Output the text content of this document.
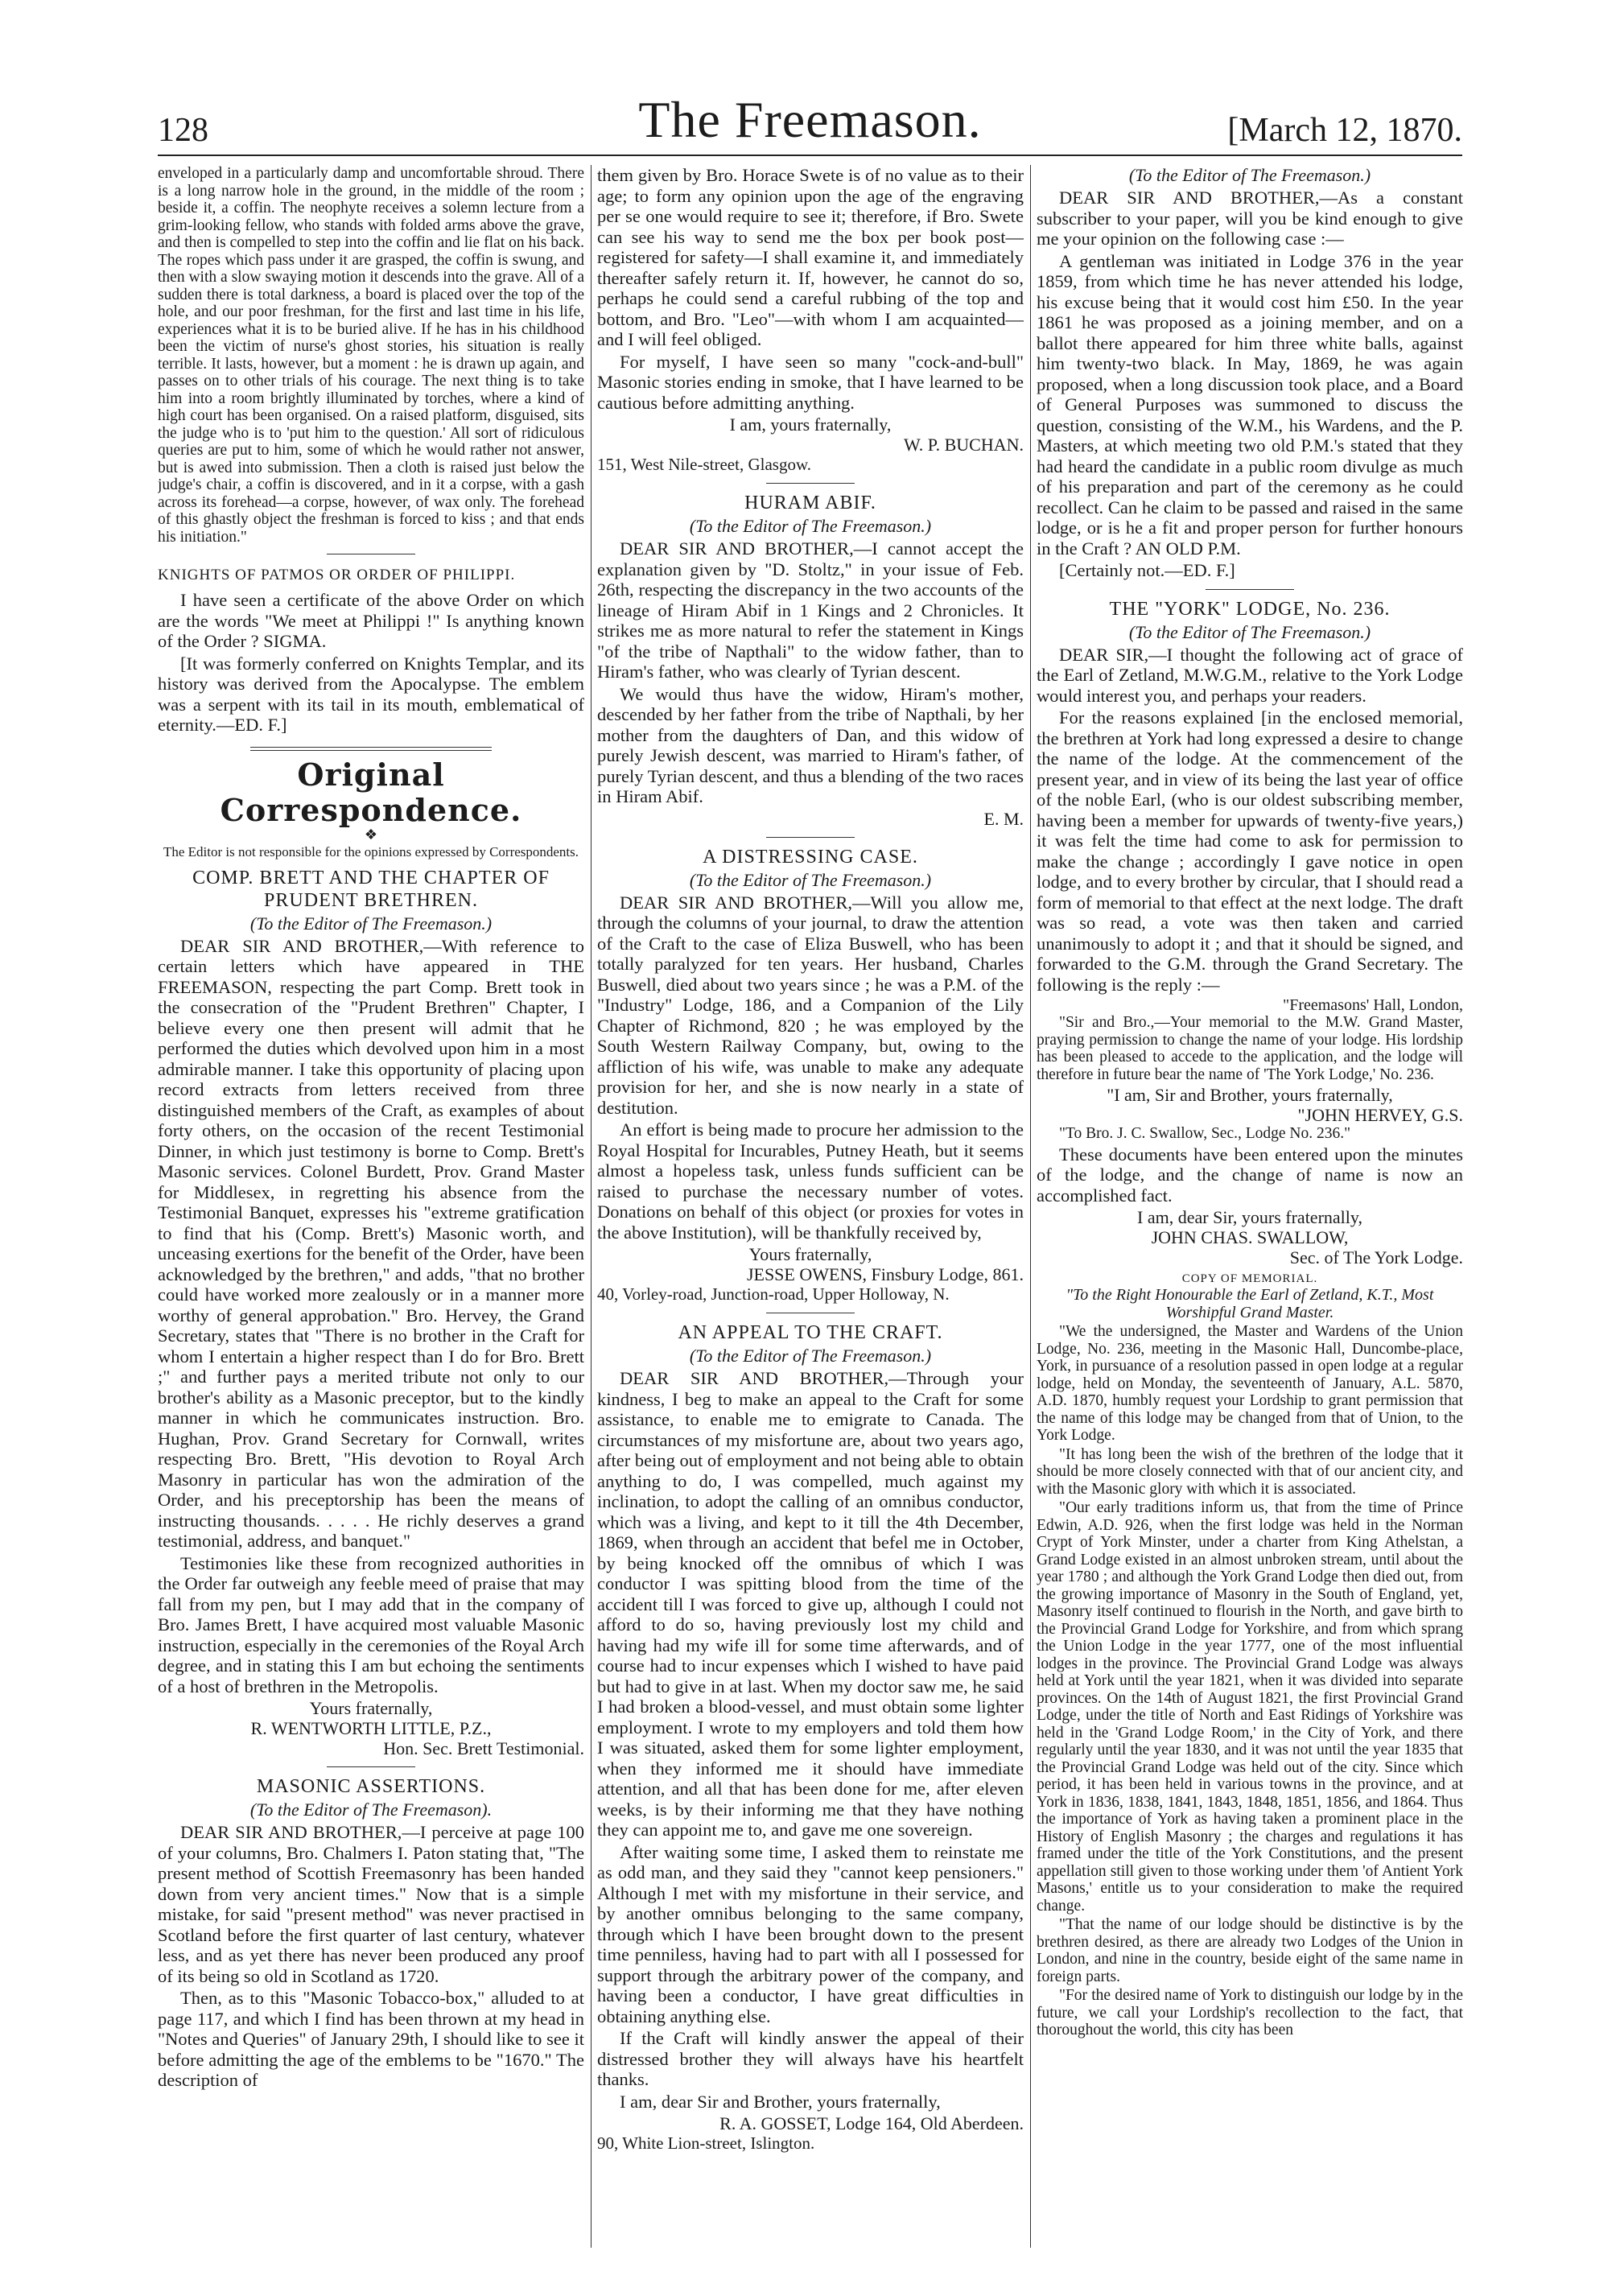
128	The Freemason.	[March 12, 1870.

enveloped in a particularly damp and uncomfortable shroud. There is a long narrow hole in the ground, in the middle of the room ; beside it, a coffin. The neophyte receives a solemn lecture from a grim-looking fellow, who stands with folded arms above the grave, and then is compelled to step into the coffin and lie flat on his back. The ropes which pass under it are grasped, the coffin is swung, and then with a slow swaying motion it descends into the grave. All of a sudden there is total darkness, a board is placed over the top of the hole, and our poor freshman, for the first and last time in his life, experiences what it is to be buried alive. If he has in his childhood been the victim of nurse's ghost stories, his situation is really terrible. It lasts, however, but a moment : he is drawn up again, and passes on to other trials of his courage. The next thing is to take him into a room brightly illuminated by torches, where a kind of high court has been organised. On a raised platform, disguised, sits the judge who is to 'put him to the question.' All sort of ridiculous queries are put to him, some of which he would rather not answer, but is awed into submission. Then a cloth is raised just below the judge's chair, a coffin is discovered, and in it a corpse, with a gash across its forehead—a corpse, however, of wax only. The forehead of this ghastly object the freshman is forced to kiss ; and that ends his initiation."

KNIGHTS OF PATMOS OR ORDER OF PHILIPPI.

I have seen a certificate of the above Order on which are the words "We meet at Philippi !" Is anything known of the Order ? SIGMA.

[It was formerly conferred on Knights Templar, and its history was derived from the Apocalypse. The emblem was a serpent with its tail in its mouth, emblematical of eternity.—ED. F.]

Original Correspondence.
❖
The Editor is not responsible for the opinions expressed by Correspondents.
COMP. BRETT AND THE CHAPTER OF PRUDENT BRETHREN.
(To the Editor of The Freemason.)

DEAR SIR AND BROTHER,—With reference to certain letters which have appeared in THE FREEMASON, respecting the part Comp. Brett took in the consecration of the "Prudent Brethren" Chapter, I believe every one then present will admit that he performed the duties which devolved upon him in a most admirable manner. I take this opportunity of placing upon record extracts from letters received from three distinguished members of the Craft, as examples of about forty others, on the occasion of the recent Testimonial Dinner, in which just testimony is borne to Comp. Brett's Masonic services. Colonel Burdett, Prov. Grand Master for Middlesex, in regretting his absence from the Testimonial Banquet, expresses his "extreme gratification to find that his (Comp. Brett's) Masonic worth, and unceasing exertions for the benefit of the Order, have been acknowledged by the brethren," and adds, "that no brother could have worked more zealously or in a manner more worthy of general approbation." Bro. Hervey, the Grand Secretary, states that "There is no brother in the Craft for whom I entertain a higher respect than I do for Bro. Brett ;" and further pays a merited tribute not only to our brother's ability as a Masonic preceptor, but to the kindly manner in which he communicates instruction. Bro. Hughan, Prov. Grand Secretary for Cornwall, writes respecting Bro. Brett, "His devotion to Royal Arch Masonry in particular has won the admiration of the Order, and his preceptorship has been the means of instructing thousands. . . . . He richly deserves a grand testimonial, address, and banquet."

Testimonies like these from recognized authorities in the Order far outweigh any feeble meed of praise that may fall from my pen, but I may add that in the company of Bro. James Brett, I have acquired most valuable Masonic instruction, especially in the ceremonies of the Royal Arch degree, and in stating this I am but echoing the sentiments of a host of brethren in the Metropolis.

Yours fraternally,

R. WENTWORTH LITTLE, P.Z.,

Hon. Sec. Brett Testimonial.

MASONIC ASSERTIONS.
(To the Editor of The Freemason).

DEAR SIR AND BROTHER,—I perceive at page 100 of your columns, Bro. Chalmers I. Paton stating that, "The present method of Scottish Freemasonry has been handed down from very ancient times." Now that is a simple mistake, for said "present method" was never practised in Scotland before the first quarter of last century, whatever less, and as yet there has never been produced any proof of its being so old in Scotland as 1720.

Then, as to this "Masonic Tobacco-box," alluded to at page 117, and which I find has been thrown at my head in "Notes and Queries" of January 29th, I should like to see it before admitting the age of the emblems to be "1670." The description of

them given by Bro. Horace Swete is of no value as to their age; to form any opinion upon the age of the engraving per se one would require to see it; therefore, if Bro. Swete can see his way to send me the box per book post—registered for safety—I shall examine it, and immediately thereafter safely return it. If, however, he cannot do so, perhaps he could send a careful rubbing of the top and bottom, and Bro. "Leo"—with whom I am acquainted—and I will feel obliged.

For myself, I have seen so many "cock-and-bull" Masonic stories ending in smoke, that I have learned to be cautious before admitting anything.

I am, yours fraternally,

W. P. BUCHAN.

151, West Nile-street, Glasgow.

HURAM ABIF.
(To the Editor of The Freemason.)

DEAR SIR AND BROTHER,—I cannot accept the explanation given by "D. Stoltz," in your issue of Feb. 26th, respecting the discrepancy in the two accounts of the lineage of Hiram Abif in 1 Kings and 2 Chronicles. It strikes me as more natural to refer the statement in Kings "of the tribe of Napthali" to the widow father, than to Hiram's father, who was clearly of Tyrian descent.

We would thus have the widow, Hiram's mother, descended by her father from the tribe of Napthali, by her mother from the daughters of Dan, and this widow of purely Jewish descent, was married to Hiram's father, of purely Tyrian descent, and thus a blending of the two races in Hiram Abif.

E. M.

A DISTRESSING CASE.
(To the Editor of The Freemason.)

DEAR SIR AND BROTHER,—Will you allow me, through the columns of your journal, to draw the attention of the Craft to the case of Eliza Buswell, who has been totally paralyzed for ten years. Her husband, Charles Buswell, died about two years since ; he was a P.M. of the "Industry" Lodge, 186, and a Companion of the Lily Chapter of Richmond, 820 ; he was employed by the South Western Railway Company, but, owing to the affliction of his wife, was unable to make any adequate provision for her, and she is now nearly in a state of destitution.

An effort is being made to procure her admission to the Royal Hospital for Incurables, Putney Heath, but it seems almost a hopeless task, unless funds sufficient can be raised to purchase the necessary number of votes. Donations on behalf of this object (or proxies for votes in the above Institution), will be thankfully received by,

Yours fraternally,

JESSE OWENS, Finsbury Lodge, 861.

40, Vorley-road, Junction-road, Upper Holloway, N.

AN APPEAL TO THE CRAFT.
(To the Editor of The Freemason.)

DEAR SIR AND BROTHER,—Through your kindness, I beg to make an appeal to the Craft for some assistance, to enable me to emigrate to Canada. The circumstances of my misfortune are, about two years ago, after being out of employment and not being able to obtain anything to do, I was compelled, much against my inclination, to adopt the calling of an omnibus conductor, which was a living, and kept to it till the 4th December, 1869, when through an accident that befel me in October, by being knocked off the omnibus of which I was conductor I was spitting blood from the time of the accident till I was forced to give up, although I could not afford to do so, having previously lost my child and having had my wife ill for some time afterwards, and of course had to incur expenses which I wished to have paid but had to give in at last. When my doctor saw me, he said I had broken a blood-vessel, and must obtain some lighter employment. I wrote to my employers and told them how I was situated, asked them for some lighter employment, when they informed me it should have immediate attention, and all that has been done for me, after eleven weeks, is by their informing me that they have nothing they can appoint me to, and gave me one sovereign.

After waiting some time, I asked them to reinstate me as odd man, and they said they "cannot keep pensioners." Although I met with my misfortune in their service, and by another omnibus belonging to the same company, through which I have been brought down to the present time penniless, having had to part with all I possessed for support through the arbitrary power of the company, and having been a conductor, I have great difficulties in obtaining anything else.

If the Craft will kindly answer the appeal of their distressed brother they will always have his heartfelt thanks.

I am, dear Sir and Brother, yours fraternally,

R. A. GOSSET, Lodge 164, Old Aberdeen.

90, White Lion-street, Islington.

(To the Editor of The Freemason.)

DEAR SIR AND BROTHER,—As a constant subscriber to your paper, will you be kind enough to give me your opinion on the following case :—

A gentleman was initiated in Lodge 376 in the year 1859, from which time he has never attended his lodge, his excuse being that it would cost him £50. In the year 1861 he was proposed as a joining member, and on a ballot there appeared for him three white balls, against him twenty-two black. In May, 1869, he was again proposed, when a long discussion took place, and a Board of General Purposes was summoned to discuss the question, consisting of the W.M., his Wardens, and the P. Masters, at which meeting two old P.M.'s stated that they had heard the candidate in a public room divulge as much of his preparation and part of the ceremony as he could recollect. Can he claim to be passed and raised in the same lodge, or is he a fit and proper person for further honours in the Craft ? AN OLD P.M.

[Certainly not.—ED. F.]

THE "YORK" LODGE, No. 236.
(To the Editor of The Freemason.)

DEAR SIR,—I thought the following act of grace of the Earl of Zetland, M.W.G.M., relative to the York Lodge would interest you, and perhaps your readers.

For the reasons explained [in the enclosed memorial, the brethren at York had long expressed a desire to change the name of the lodge. At the commencement of the present year, and in view of its being the last year of office of the noble Earl, (who is our oldest subscribing member, having been a member for upwards of twenty-five years,) it was felt the time had come to ask for permission to make the change ; accordingly I gave notice in open lodge, and to every brother by circular, that I should read a form of memorial to that effect at the next lodge. The draft was so read, a vote was then taken and carried unanimously to adopt it ; and that it should be signed, and forwarded to the G.M. through the Grand Secretary. The following is the reply :—

"Freemasons' Hall, London,

"Sir and Bro.,—Your memorial to the M.W. Grand Master, praying permission to change the name of your lodge. His lordship has been pleased to accede to the application, and the lodge will therefore in future bear the name of 'The York Lodge,' No. 236.

"I am, Sir and Brother, yours fraternally,

"JOHN HERVEY, G.S.

"To Bro. J. C. Swallow, Sec., Lodge No. 236."

These documents have been entered upon the minutes of the lodge, and the change of name is now an accomplished fact.

I am, dear Sir, yours fraternally,

JOHN CHAS. SWALLOW,

Sec. of The York Lodge.

COPY OF MEMORIAL.
"To the Right Honourable the Earl of Zetland, K.T., Most Worshipful Grand Master.

"We the undersigned, the Master and Wardens of the Union Lodge, No. 236, meeting in the Masonic Hall, Duncombe-place, York, in pursuance of a resolution passed in open lodge at a regular lodge, held on Monday, the seventeenth of January, A.L. 5870, A.D. 1870, humbly request your Lordship to grant permission that the name of this lodge may be changed from that of Union, to the York Lodge.

"It has long been the wish of the brethren of the lodge that it should be more closely connected with that of our ancient city, and with the Masonic glory with which it is associated.

"Our early traditions inform us, that from the time of Prince Edwin, A.D. 926, when the first lodge was held in the Norman Crypt of York Minster, under a charter from King Athelstan, a Grand Lodge existed in an almost unbroken stream, until about the year 1780 ; and although the York Grand Lodge then died out, from the growing importance of Masonry in the South of England, yet, Masonry itself continued to flourish in the North, and gave birth to the Provincial Grand Lodge for Yorkshire, and from which sprang the Union Lodge in the year 1777, one of the most influential lodges in the province. The Provincial Grand Lodge was always held at York until the year 1821, when it was divided into separate provinces. On the 14th of August 1821, the first Provincial Grand Lodge, under the title of North and East Ridings of Yorkshire was held in the 'Grand Lodge Room,' in the City of York, and there regularly until the year 1830, and it was not until the year 1835 that the Provincial Grand Lodge was held out of the city. Since which period, it has been held in various towns in the province, and at York in 1836, 1838, 1841, 1843, 1848, 1851, 1856, and 1864. Thus the importance of York as having taken a prominent place in the History of English Masonry ; the charges and regulations it has framed under the title of the York Constitutions, and the present appellation still given to those working under them 'of Antient York Masons,' entitle us to your consideration to make the required change.

"That the name of our lodge should be distinctive is by the brethren desired, as there are already two Lodges of the Union in London, and nine in the country, beside eight of the same name in foreign parts.

"For the desired name of York to distinguish our lodge by in the future, we call your Lordship's recollection to the fact, that thoroughout the world, this city has been
